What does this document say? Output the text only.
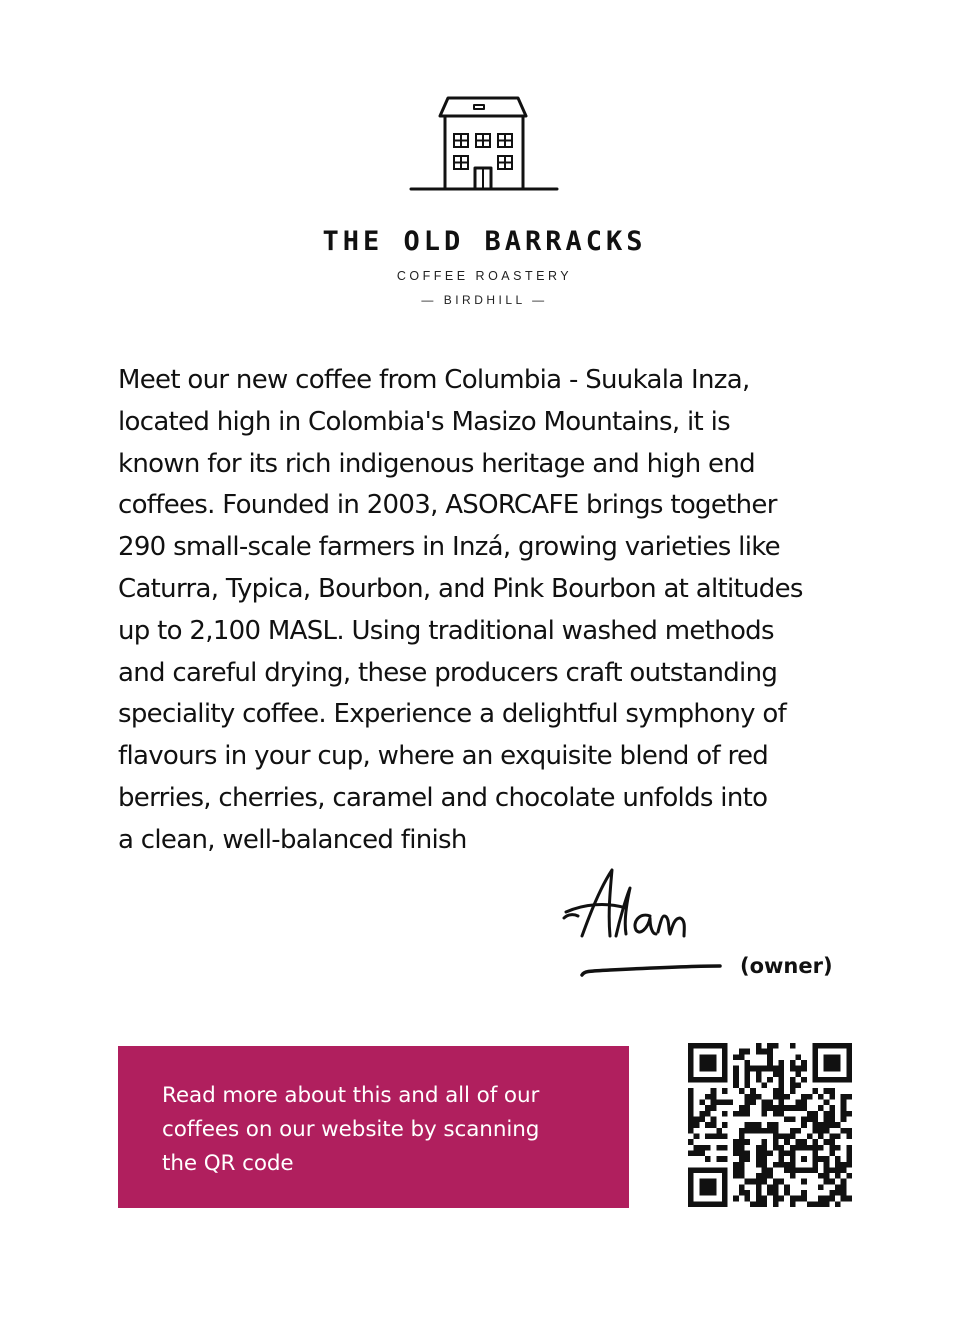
THE OLD BARRACKS
COFFEE ROASTERY
— BIRDHILL —

Meet our new coffee from Columbia - Suukala Inza,
located high in Colombia's Masizo Mountains, it is
known for its rich indigenous heritage and high end
coffees. Founded in 2003, ASORCAFE brings together
290 small-scale farmers in Inzá, growing varieties like
Caturra, Typica, Bourbon, and Pink Bourbon at altitudes
up to 2,100 MASL. Using traditional washed methods
and careful drying, these producers craft outstanding
speciality coffee. Experience a delightful symphony of
flavours in your cup, where an exquisite blend of red
berries, cherries, caramel and chocolate unfolds into
a clean, well-balanced finish

(owner)

Read more about this and all of our
coffees on our website by scanning
the QR code
